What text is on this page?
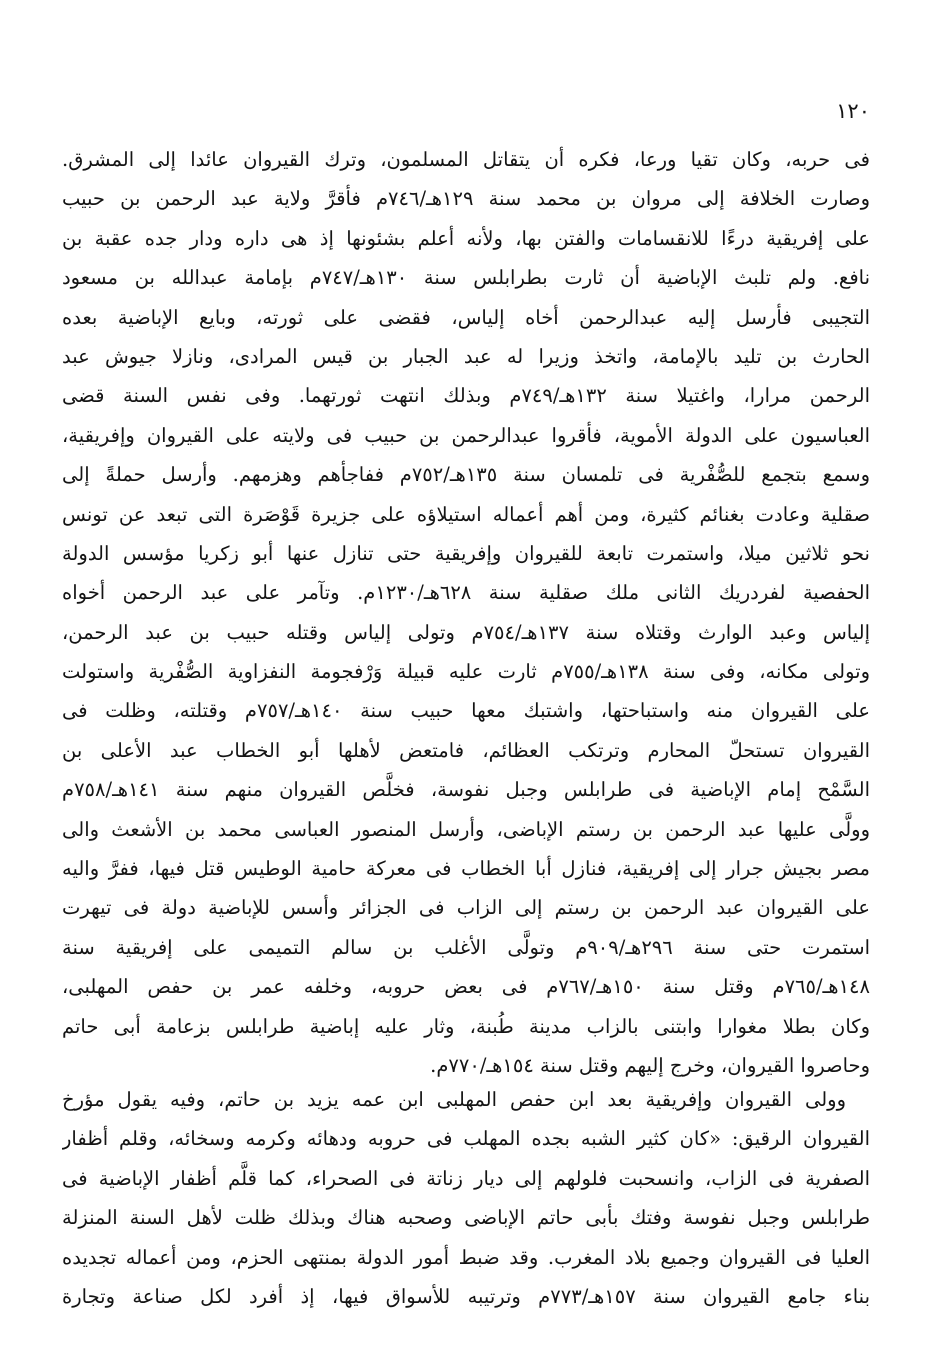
١٢٠
فى حربه، وكان تقيا ورعا، فكره أن يتقاتل المسلمون، وترك القيروان عائدا إلى المشرق.
وصارت الخلافة إلى مروان بن محمد سنة ١٢٩هـ/٧٤٦م فأقرَّ ولاية عبد الرحمن بن حبيب
على إفريقية درءًا للانقسامات والفتن بها، ولأنه أعلم بشئونها إذ هى داره ودار جده عقبة بن
نافع. ولم تلبث الإباضية أن ثارت بطرابلس سنة ١٣٠هـ/٧٤٧م بإمامة عبدالله بن مسعود
التجيبى فأرسل إليه عبدالرحمن أخاه إلياس، فقضى على ثورته، وبايع الإباضية بعده
الحارث بن تليد بالإمامة، واتخذ وزيرا له عبد الجبار بن قيس المرادى، ونازلا جيوش عبد
الرحمن مرارا، واغتيلا سنة ١٣٢هـ/٧٤٩م وبذلك انتهت ثورتهما. وفى نفس السنة قضى
العباسيون على الدولة الأموية، فأقروا عبدالرحمن بن حبيب فى ولايته على القيروان وإفريقية،
وسمع بتجمع للصُّفْرية فى تلمسان سنة ١٣٥هـ/٧٥٢م ففاجأهم وهزمهم. وأرسل حملةً إلى
صقلية وعادت بغنائم كثيرة، ومن أهم أعماله استيلاؤه على جزيرة قَوْصَرة التى تبعد عن تونس
نحو ثلاثين ميلا، واستمرت تابعة للقيروان وإفريقية حتى تنازل عنها أبو زكريا مؤسس الدولة
الحفصية لفردريك الثانى ملك صقلية سنة ٦٢٨هـ/١٢٣٠م. وتآمر على عبد الرحمن أخواه
إلياس وعبد الوارث وقتلاه سنة ١٣٧هـ/٧٥٤م وتولى إلياس وقتله حبيب بن عبد الرحمن،
وتولى مكانه، وفى سنة ١٣٨هـ/٧٥٥م ثارت عليه قبيلة وَرْفجومة النفزاوية الصُّفْرية واستولت
على القيروان منه واستباحتها، واشتبك معها حبيب سنة ١٤٠هـ/٧٥٧م وقتلته، وظلت فى
القيروان تستحلّ المحارم وترتكب العظائم، فامتعض لأهلها أبو الخطاب عبد الأعلى بن
السَّمْح إمام الإباضية فى طرابلس وجبل نفوسة، فخلَّص القيروان منهم سنة ١٤١هـ/٧٥٨م
وولَّى عليها عبد الرحمن بن رستم الإباضى، وأرسل المنصور العباسى محمد بن الأشعث والى
مصر بجيش جرار إلى إفريقية، فنازل أبا الخطاب فى معركة حامية الوطيس قتل فيها، ففرَّ واليه
على القيروان عبد الرحمن بن رستم إلى الزاب فى الجزائر وأسس للإباضية دولة فى تيهرت
استمرت حتى سنة ٢٩٦هـ/٩٠٩م وتولَّى الأغلب بن سالم التميمى على إفريقية سنة
١٤٨هـ/٧٦٥م وقتل سنة ١٥٠هـ/٧٦٧م فى بعض حروبه، وخلفه عمر بن حفص المهلبى،
وكان بطلا مغوارا وابتنى بالزاب مدينة طُبنة، وثار عليه إباضية طرابلس بزعامة أبى حاتم
وحاصروا القيروان، وخرج إليهم وقتل سنة ١٥٤هـ/٧٧٠م.
وولى القيروان وإفريقية بعد ابن حفص المهلبى ابن عمه يزيد بن حاتم، وفيه يقول مؤرخ
القيروان الرقيق: «كان كثير الشبه بجده المهلب فى حروبه ودهائه وكرمه وسخائه، وقلم أظفار
الصفرية فى الزاب، وانسحبت فلولهم إلى ديار زناتة فى الصحراء، كما قلَّم أظفار الإباضية فى
طرابلس وجبل نفوسة وفتك بأبى حاتم الإباضى وصحبه هناك وبذلك ظلت لأهل السنة المنزلة
العليا فى القيروان وجميع بلاد المغرب. وقد ضبط أمور الدولة بمنتهى الحزم، ومن أعماله تجديده
بناء جامع القيروان سنة ١٥٧هـ/٧٧٣م وترتيبه للأسواق فيها، إذ أفرد لكل صناعة وتجارة
